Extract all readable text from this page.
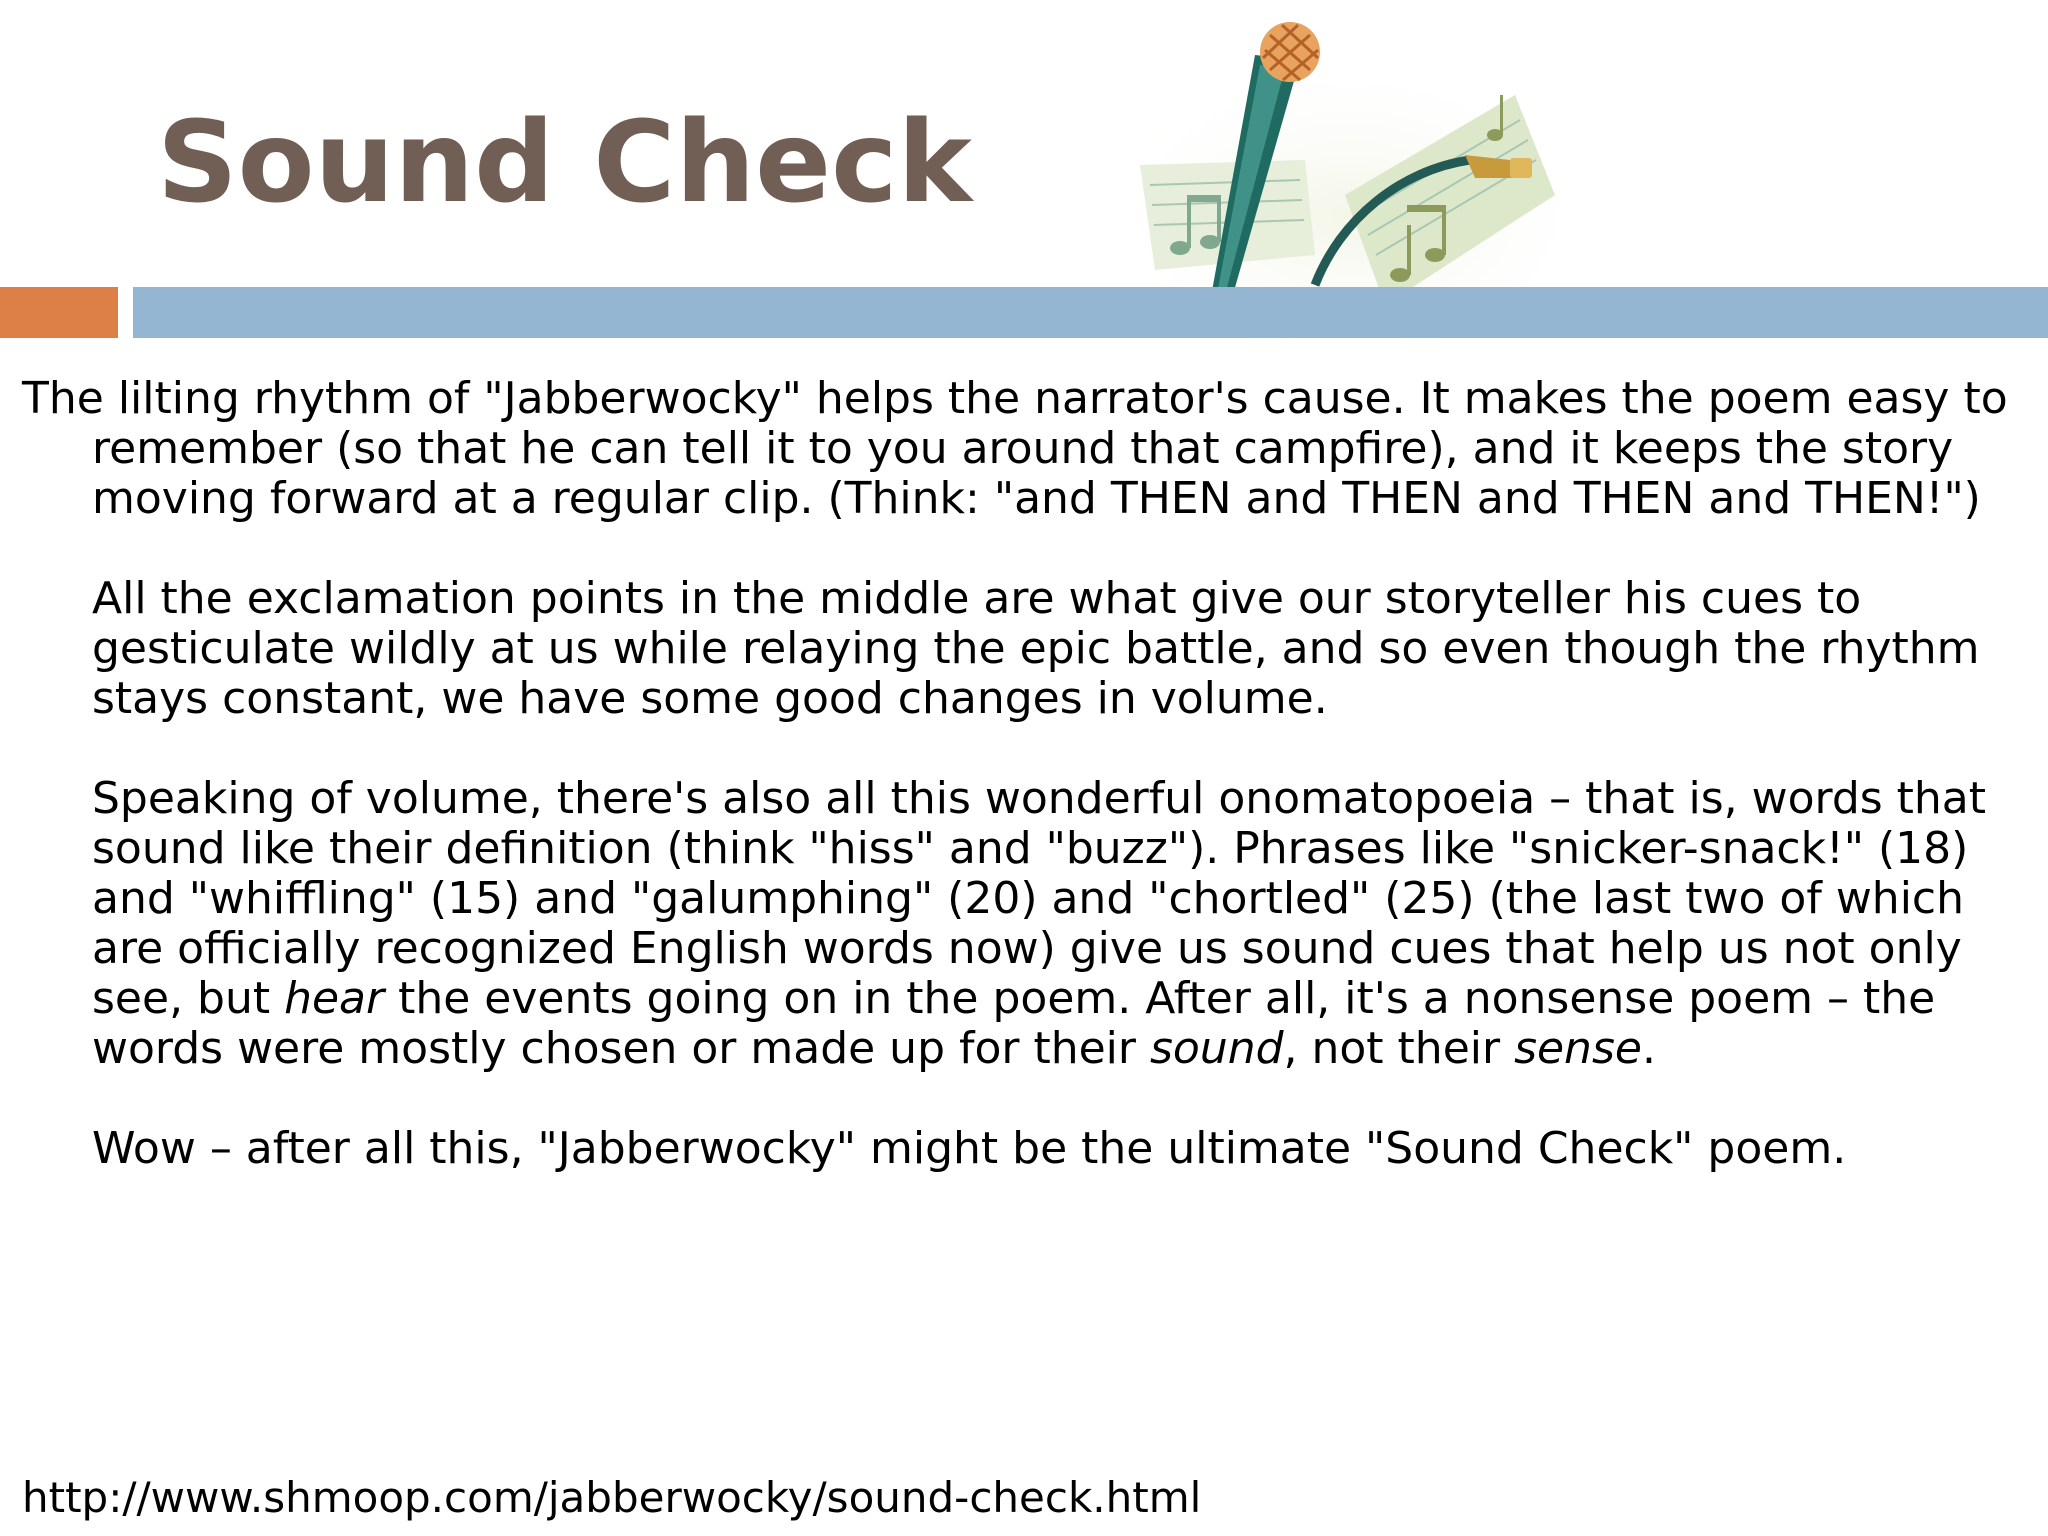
Sound Check

The lilting rhythm of "Jabberwocky" helps the narrator's cause. It makes the poem easy to remember (so that he can tell it to you around that campfire), and it keeps the story moving forward at a regular clip. (Think: "and THEN and THEN and THEN and THEN!")

All the exclamation points in the middle are what give our storyteller his cues to gesticulate wildly at us while relaying the epic battle, and so even though the rhythm stays constant, we have some good changes in volume.

Speaking of volume, there's also all this wonderful onomatopoeia – that is, words that sound like their definition (think "hiss" and "buzz"). Phrases like "snicker-snack!" (18) and "whiffling" (15) and "galumphing" (20) and "chortled" (25) (the last two of which are officially recognized English words now) give us sound cues that help us not only see, but hear the events going on in the poem. After all, it's a nonsense poem – the words were mostly chosen or made up for their sound, not their sense.

Wow – after all this, "Jabberwocky" might be the ultimate "Sound Check" poem.

http://www.shmoop.com/jabberwocky/sound-check.html
